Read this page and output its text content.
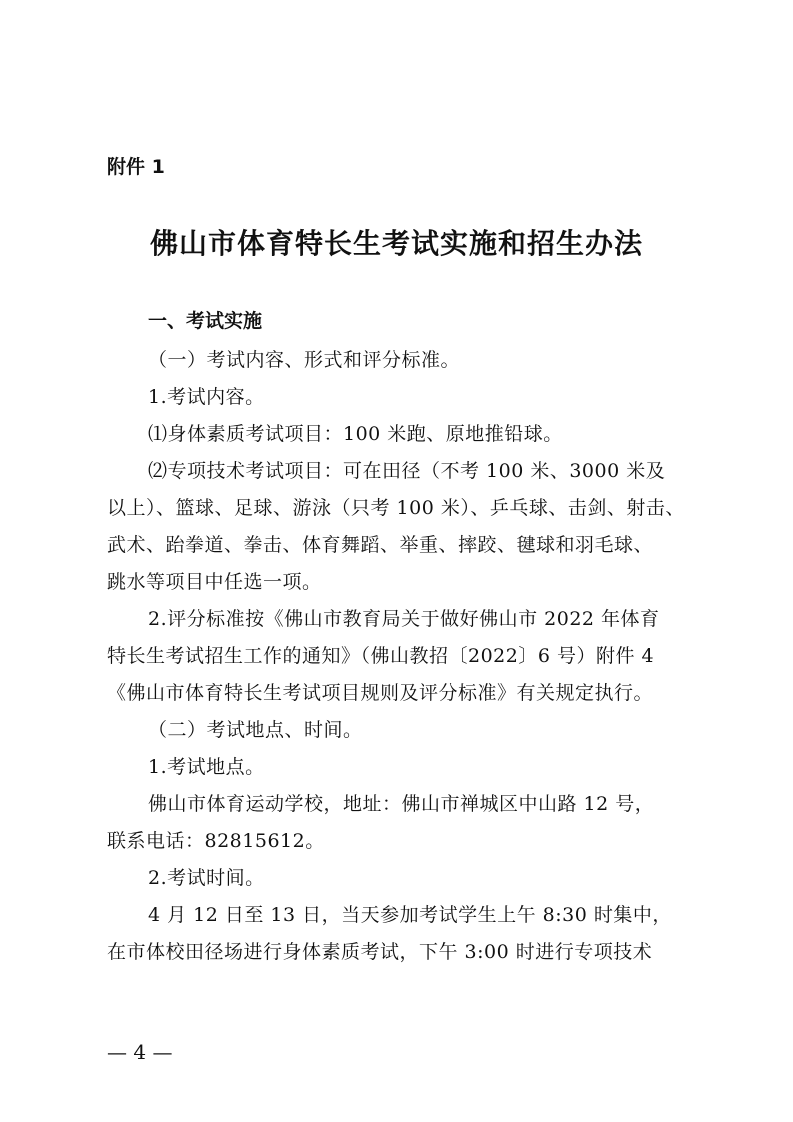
附件 1
佛山市体育特长生考试实施和招生办法
一、考试实施
（一）考试内容、形式和评分标准。
1.考试内容。
⑴身体素质考试项目：100 米跑、原地推铅球。
⑵专项技术考试项目：可在田径（不考 100 米、3000 米及
以上）、篮球、足球、游泳（只考 100 米）、乒乓球、击剑、射击、
武术、跆拳道、拳击、体育舞蹈、举重、摔跤、毽球和羽毛球、
跳水等项目中任选一项。
2.评分标准按《佛山市教育局关于做好佛山市 2022 年体育
特长生考试招生工作的通知》（佛山教招〔2022〕6 号）附件 4
《佛山市体育特长生考试项目规则及评分标准》有关规定执行。
（二）考试地点、时间。
1.考试地点。
佛山市体育运动学校，地址：佛山市禅城区中山路 12 号，
联系电话：82815612。
2.考试时间。
4 月 12 日至 13 日，当天参加考试学生上午 8:30 时集中，
在市体校田径场进行身体素质考试，下午 3:00 时进行专项技术
— 4 —
